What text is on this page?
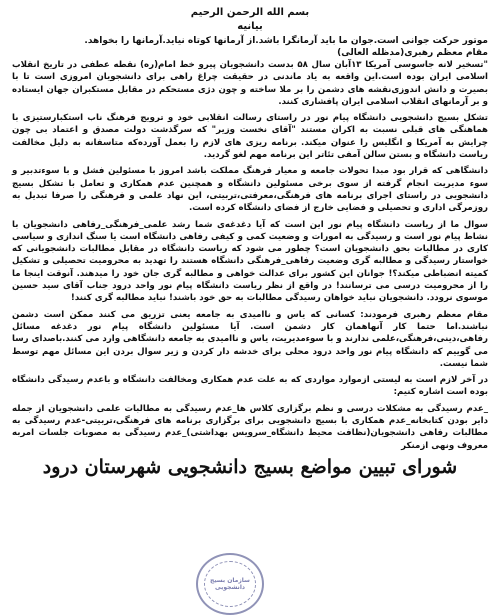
بسم الله الرحمن الرحیم

بیانیه

موتور حرکت جوانی است.جوان ما باید آرمانگرا باشد.از آرمانها کوتاه نیاید.آرمانها را بخواهد.

مقام معظم رهبری(مدظله العالی)

"تسخیر لانه جاسوسی آمریکا ۱۳آبان سال ۵۸ بدست دانشجویان پیرو خط امام(ره) نقطه عطفی در تاریخ انقلاب اسلامی ایران بوده است.این واقعه به یاد ماندنی در حقیقت چراغ راهی برای دانشجویان امروزی است تا با بصیرت و دانش اندوزی‌نقشه های دشمن را بر ملا ساخته و چون دژی مستحکم در مقابل مستکبران جهان ایستاده و بر آرمانهای انقلاب اسلامی ایران پافشاری کنند.

تشکل بسیج دانشجویی دانشگاه پیام نور در راستای رسالت انقلابی خود و ترویج فرهنگ ناب استکبارستیزی با هماهنگی های قبلی نسبت به اکران مستند "آقای نخست وزیر" که سرگذشت دولت مصدق و اعتماد بی چون چرایش به آمریکا و انگلیس را عنوان میکند. برنامه ریزی های لازم را بعمل آورده‌که متاسفانه به دلیل مخالفت ریاست دانشگاه و بستن سالن آمفی تئاتر این برنامه مهم لغو گردید.

دانشگاهی که قرار بود مبدا تحولات جامعه و معیار فرهنگ مملکت باشد امروز با مسئولین فشل و با سوء‌تدبیر و سوء مدیریت انجام گرفته از سوی برخی مسئولین دانشگاه و همچنین عدم همکاری و تعامل با تشکل بسیج دانشجویی در راستای اجرای برنامه های فرهنگی،معرفتی،تربیتی، این نهاد علمی و فرهنگی را صرفا تبدیل به روزمرگی اداری و تحصیلی و فضایی خارج از فضای دانشگاه کرده است.

سوال ما از ریاست دانشگاه پیام نور این است که آیا دغدغه‌ی شما رشد علمی_فرهنگی_رفاهی دانشجویان با نشاط پیام نور است و رسیدگی به امورات و وضعیت کمی و کیفی رفاهی دانشگاه است یا سنگ اندازی و سیاسی کاری در مطالبات بحق دانشجویان است؟ چطور می شود که ریاست دانشگاه در مقابل مطالبات دانشجویانی که خواستار رسیدگی و مطالبه گری وضعیت رفاهی_فرهنگی دانشگاه هستند را تهدید به محرومیت تحصیلی و تشکیل کمیته انضباطی میکند؟! جوانان این کشور برای عدالت خواهی و مطالبه گری جان خود را میدهند. آنوقت اینجا ما را از محرومیت درسی می ترسانند! در واقع از نظر ریاست دانشگاه پیام نور واحد درود جناب آقای سید حسین موسوی نرودد. دانشجویان نباید خواهان رسیدگی مطالبات به حق خود باشند! نباید مطالبه گری کنند!

مقام معظم رهبری فرمودند: کسانی که یاس و ناامیدی به جامعه یعنی تزریق می کنند ممکن است دشمن نباشند.اما حتما کار آنهاهمان کار دشمن است. آیا مسئولین دانشگاه پیام نور دغدغه مسائل رفاهی،دینی،فرهنگی،علمی ندارند و با سوءمدیریت، یاس و ناامیدی به جامعه دانشگاهی وارد می کنند.باصدای رسا می گوییم که دانشگاه پیام نور واحد درود محلی برای خدشه دار کردن و زیر سوال بردن این مسائل مهم توسط شما نیست.

در آخر لازم است به لیستی ازموارد مواردی که به علت عدم همکاری ومخالفت دانشگاه و باعدم رسیدگی دانشگاه بوده است اشاره کنیم:

_عدم رسیدگی به مشکلات درسی و نظم برگزاری کلاس ها_عدم رسیدگی به مطالبات علمی دانشجویان از جمله دایر بودن کتابخانه_عدم همکاری با بسیج دانشجویی برای برگزاری برنامه های فرهنگی،تربیتی-عدم رسیدگی به مطالبات رفاهی دانشجویان(نظافت محیط دانشگاه_سرویس بهداشتی)_عدم رسیدگی به مصوبات جلسات امربه معروف ونهی ازمنکر

شورای تبیین مواضع بسیج دانشجویی شهرستان درود

سازمان بسیج دانشجویی
